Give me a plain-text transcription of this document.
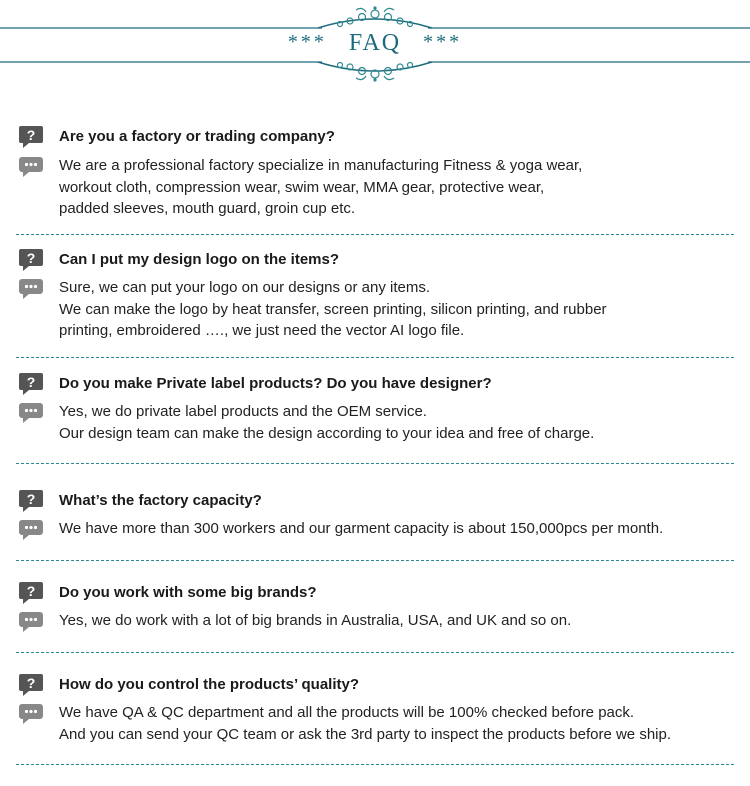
*** FAQ ***
Are you a factory or trading company?
We are a professional factory specialize in manufacturing Fitness & yoga wear,
workout cloth, compression wear, swim wear, MMA gear, protective wear,
padded sleeves, mouth guard, groin cup etc.
Can I put my design logo on the items?
Sure, we can put your logo on our designs or any items.
We can make the logo by heat transfer, screen printing, silicon printing, and rubber
printing, embroidered …., we just need the vector AI logo file.
Do you make Private label products? Do you have designer?
Yes, we do private label products and the OEM service.
Our design team can make the design according to your idea and free of charge.
What’s the factory capacity?
We have more than 300 workers and our garment capacity is about 150,000pcs per month.
Do you work with some big brands?
Yes, we do work with a lot of big brands in Australia, USA, and UK and so on.
How do you control the products’ quality?
We have QA & QC department and all the products will be 100% checked before pack.
And you can send your QC team or ask the 3rd party to inspect the products before we ship.
